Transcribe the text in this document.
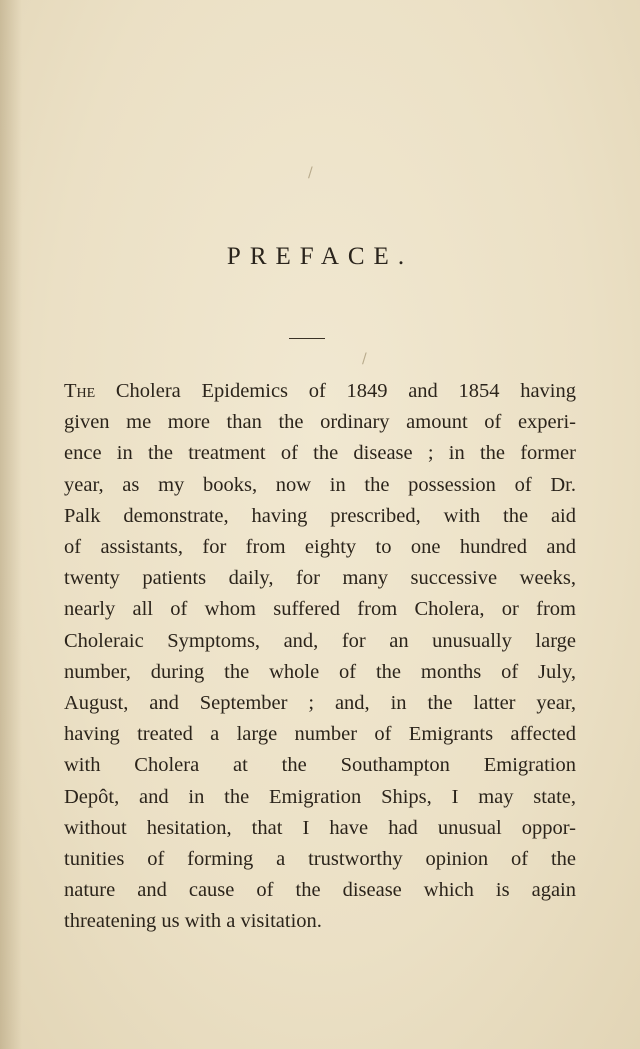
/
/
PREFACE.
The Cholera Epidemics of 1849 and 1854 having
given me more than the ordinary amount of experi-
ence in the treatment of the disease ; in the former
year, as my books, now in the possession of Dr.
Palk demonstrate, having prescribed, with the aid
of assistants, for from eighty to one hundred and
twenty patients daily, for many successive weeks,
nearly all of whom suffered from Cholera, or from
Choleraic Symptoms, and, for an unusually large
number, during the whole of the months of July,
August, and September ; and, in the latter year,
having treated a large number of Emigrants affected
with Cholera at the Southampton Emigration
Depôt, and in the Emigration Ships, I may state,
without hesitation, that I have had unusual oppor-
tunities of forming a trustworthy opinion of the
nature and cause of the disease which is again
threatening us with a visitation.
